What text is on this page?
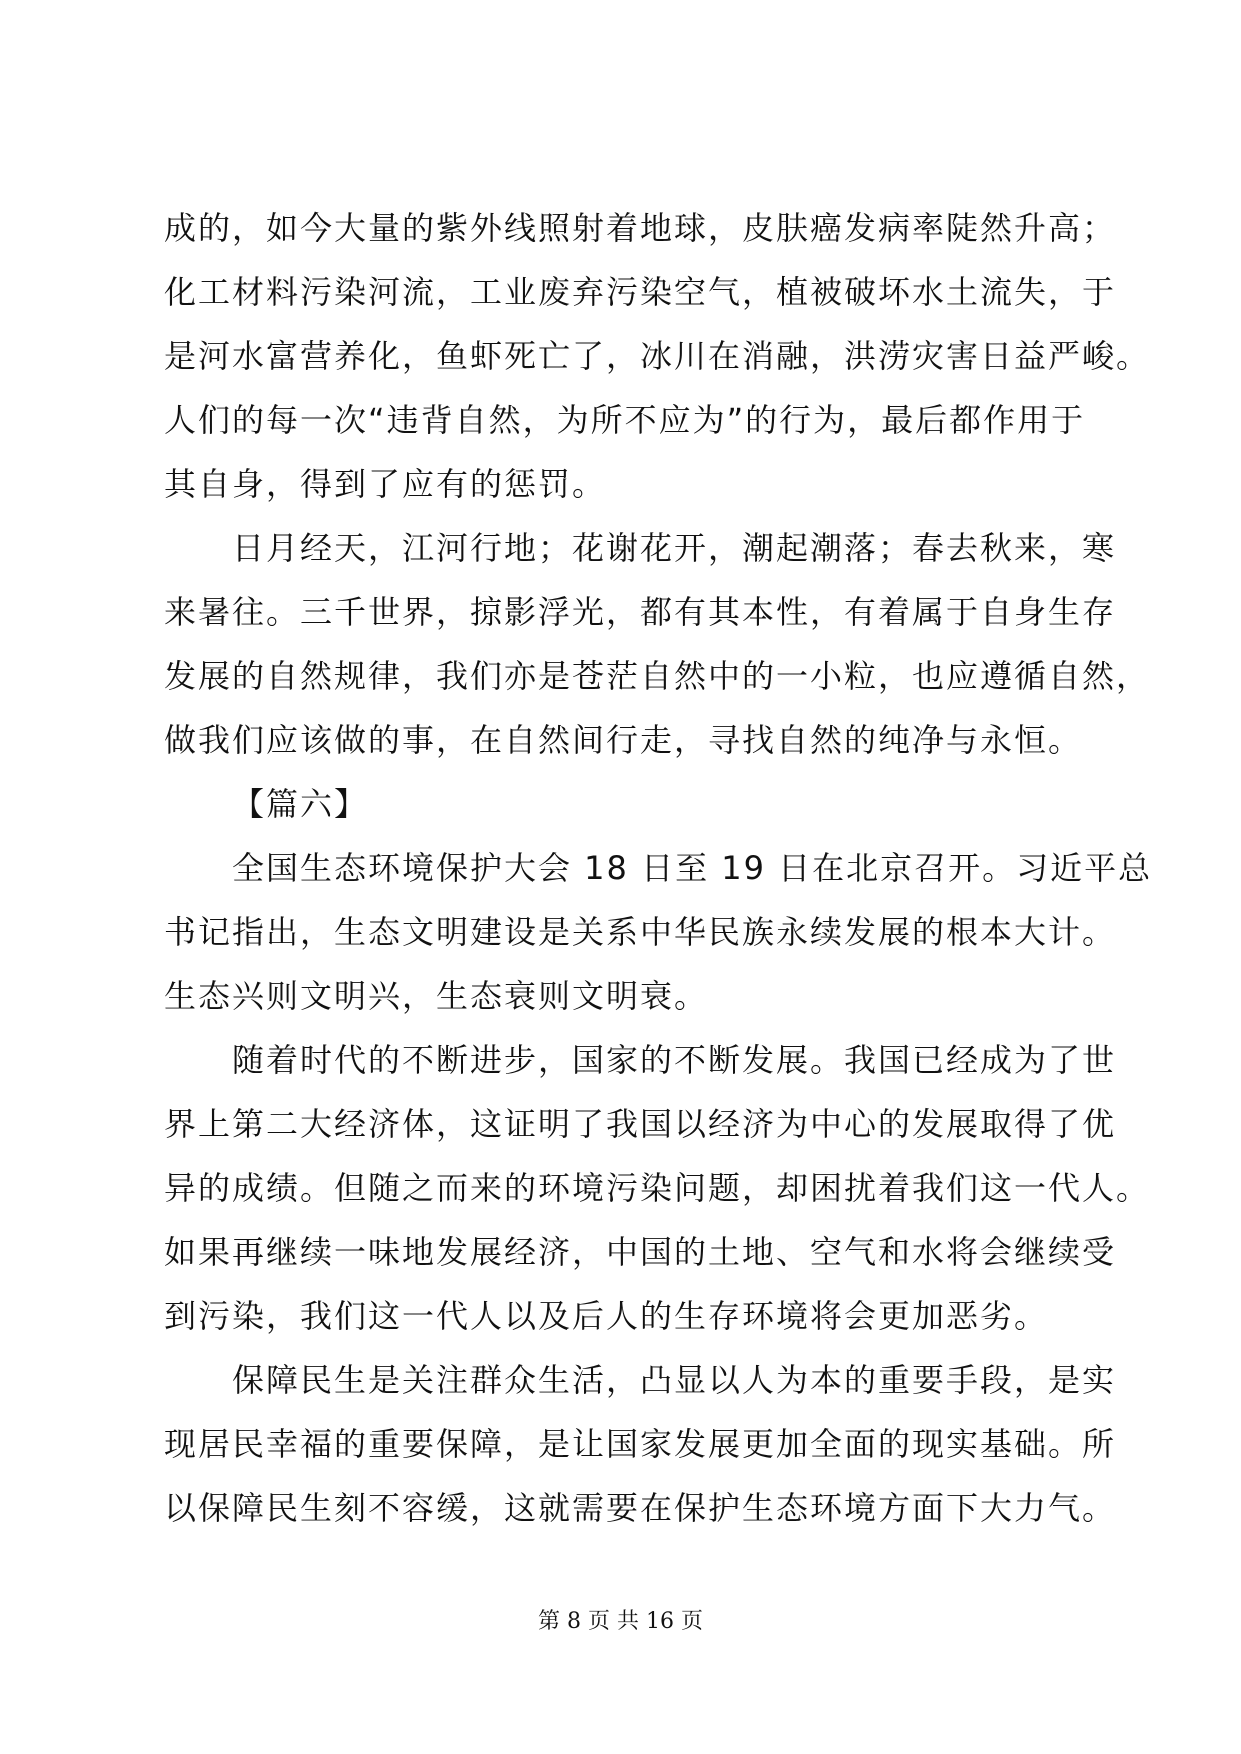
成的，如今大量的紫外线照射着地球，皮肤癌发病率陡然升高；
化工材料污染河流，工业废弃污染空气，植被破坏水土流失，于
是河水富营养化，鱼虾死亡了，冰川在消融，洪涝灾害日益严峻。
人们的每一次“违背自然，为所不应为”的行为，最后都作用于
其自身，得到了应有的惩罚。
日月经天，江河行地；花谢花开，潮起潮落；春去秋来，寒
来暑往。三千世界，掠影浮光，都有其本性，有着属于自身生存
发展的自然规律，我们亦是苍茫自然中的一小粒，也应遵循自然，
做我们应该做的事，在自然间行走，寻找自然的纯净与永恒。
【篇六】
全国生态环境保护大会 18 日至 19 日在北京召开。习近平总
书记指出，生态文明建设是关系中华民族永续发展的根本大计。
生态兴则文明兴，生态衰则文明衰。
随着时代的不断进步，国家的不断发展。我国已经成为了世
界上第二大经济体，这证明了我国以经济为中心的发展取得了优
异的成绩。但随之而来的环境污染问题，却困扰着我们这一代人。
如果再继续一味地发展经济，中国的土地、空气和水将会继续受
到污染，我们这一代人以及后人的生存环境将会更加恶劣。
保障民生是关注群众生活，凸显以人为本的重要手段，是实
现居民幸福的重要保障，是让国家发展更加全面的现实基础。所
以保障民生刻不容缓，这就需要在保护生态环境方面下大力气。
第 8 页 共 16 页
